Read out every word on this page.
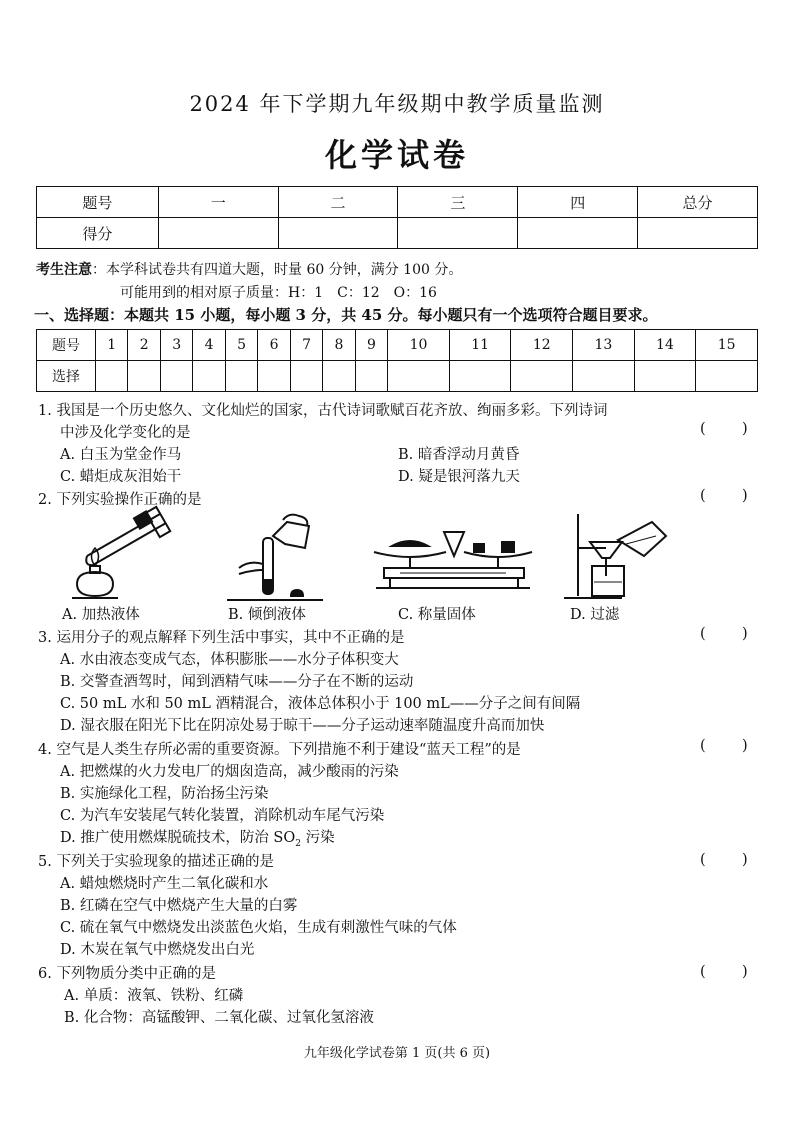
2024 年下学期九年级期中教学质量监测
化学试卷
题号	一	二	三	四	总分
得分					
考生注意：本学科试卷共有四道大题，时量 60 分钟，满分 100 分。
可能用到的相对原子质量：H：1　C：12　O：16
一、选择题：本题共 15 小题，每小题 3 分，共 45 分。每小题只有一个选项符合题目要求。
题号	1	2	3	4	5	6	7	8	9	10	11	12	13	14	15
选择															
1. 我国是一个历史悠久、文化灿烂的国家，古代诗词歌赋百花齐放、绚丽多彩。下列诗词
中涉及化学变化的是	(	)
A. 白玉为堂金作马	B. 暗香浮动月黄昏
C. 蜡炬成灰泪始干	D. 疑是银河落九天
2. 下列实验操作正确的是	(	)
A. 加热液体	B. 倾倒液体	C. 称量固体	D. 过滤
3. 运用分子的观点解释下列生活中事实，其中不正确的是	(	)
A. 水由液态变成气态，体积膨胀——水分子体积变大
B. 交警查酒驾时，闻到酒精气味——分子在不断的运动
C. 50 mL 水和 50 mL 酒精混合，液体总体积小于 100 mL——分子之间有间隔
D. 湿衣服在阳光下比在阴凉处易于晾干——分子运动速率随温度升高而加快
4. 空气是人类生存所必需的重要资源。下列措施不利于建设“蓝天工程”的是	(	)
A. 把燃煤的火力发电厂的烟囱造高，减少酸雨的污染
B. 实施绿化工程，防治扬尘污染
C. 为汽车安装尾气转化装置，消除机动车尾气污染
D. 推广使用燃煤脱硫技术，防治 $SO_2$ 污染
5. 下列关于实验现象的描述正确的是	(	)
A. 蜡烛燃烧时产生二氧化碳和水
B. 红磷在空气中燃烧产生大量的白雾
C. 硫在氧气中燃烧发出淡蓝色火焰，生成有刺激性气味的气体
D. 木炭在氧气中燃烧发出白光
6. 下列物质分类中正确的是	(	)
A. 单质：液氧、铁粉、红磷
B. 化合物：高锰酸钾、二氧化碳、过氧化氢溶液
九年级化学试卷第 1 页(共 6 页)
